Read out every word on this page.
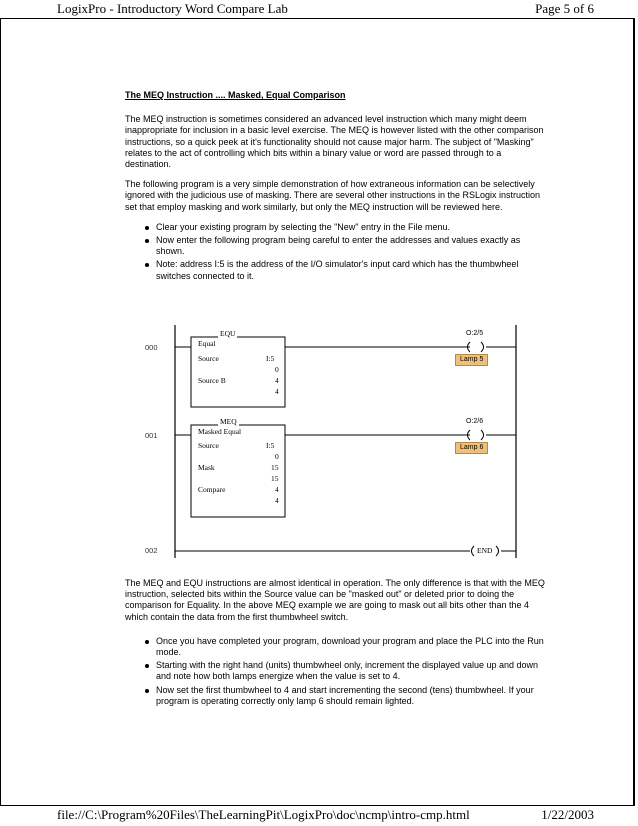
LogixPro - Introductory Word Compare Lab	Page 5 of 6
The MEQ Instruction .... Masked, Equal Comparison

The MEQ instruction is sometimes considered an advanced level instruction which many might deem inappropriate for inclusion in a basic level exercise. The MEQ is however listed with the other comparison instructions, so a quick peek at it's functionality should not cause major harm. The subject of "Masking" relates to the act of controlling which bits within a binary value or word are passed through to a destination.

The following program is a very simple demonstration of how extraneous information can be selectively ignored with the judicious use of masking. There are several other instructions in the RSLogix instruction set that employ masking and work similarly, but only the MEQ instruction will be reviewed here.

Clear your existing program by selecting the "New" entry in the File menu.
Now enter the following program being careful to enter the addresses and values exactly as shown.
Note: address I:5 is the address of the I/O simulator's input card which has the thumbwheel switches connected to it.
000
001
002
EQU
Equal
Source	I:5
0
Source B	4
4
MEQ
Masked Equal
Source	I:5
0
Mask	15
15
Compare	4
4
O:2/5
Lamp 5
O:2/6
Lamp 6
END

The MEQ and EQU instructions are almost identical in operation. The only difference is that with the MEQ instruction, selected bits within the Source value can be "masked out" or deleted prior to doing the comparison for Equality. In the above MEQ example we are going to mask out all bits other than the 4 which contain the data from the first thumbwheel switch.

Once you have completed your program, download your program and place the PLC into the Run mode.
Starting with the right hand (units) thumbwheel only, increment the displayed value up and down and note how both lamps energize when the value is set to 4.
Now set the first thumbwheel to 4 and start incrementing the second (tens) thumbwheel. If your program is operating correctly only lamp 6 should remain lighted.
file://C:\Program%20Files\TheLearningPit\LogixPro\doc\ncmp\intro-cmp.html	1/22/2003
